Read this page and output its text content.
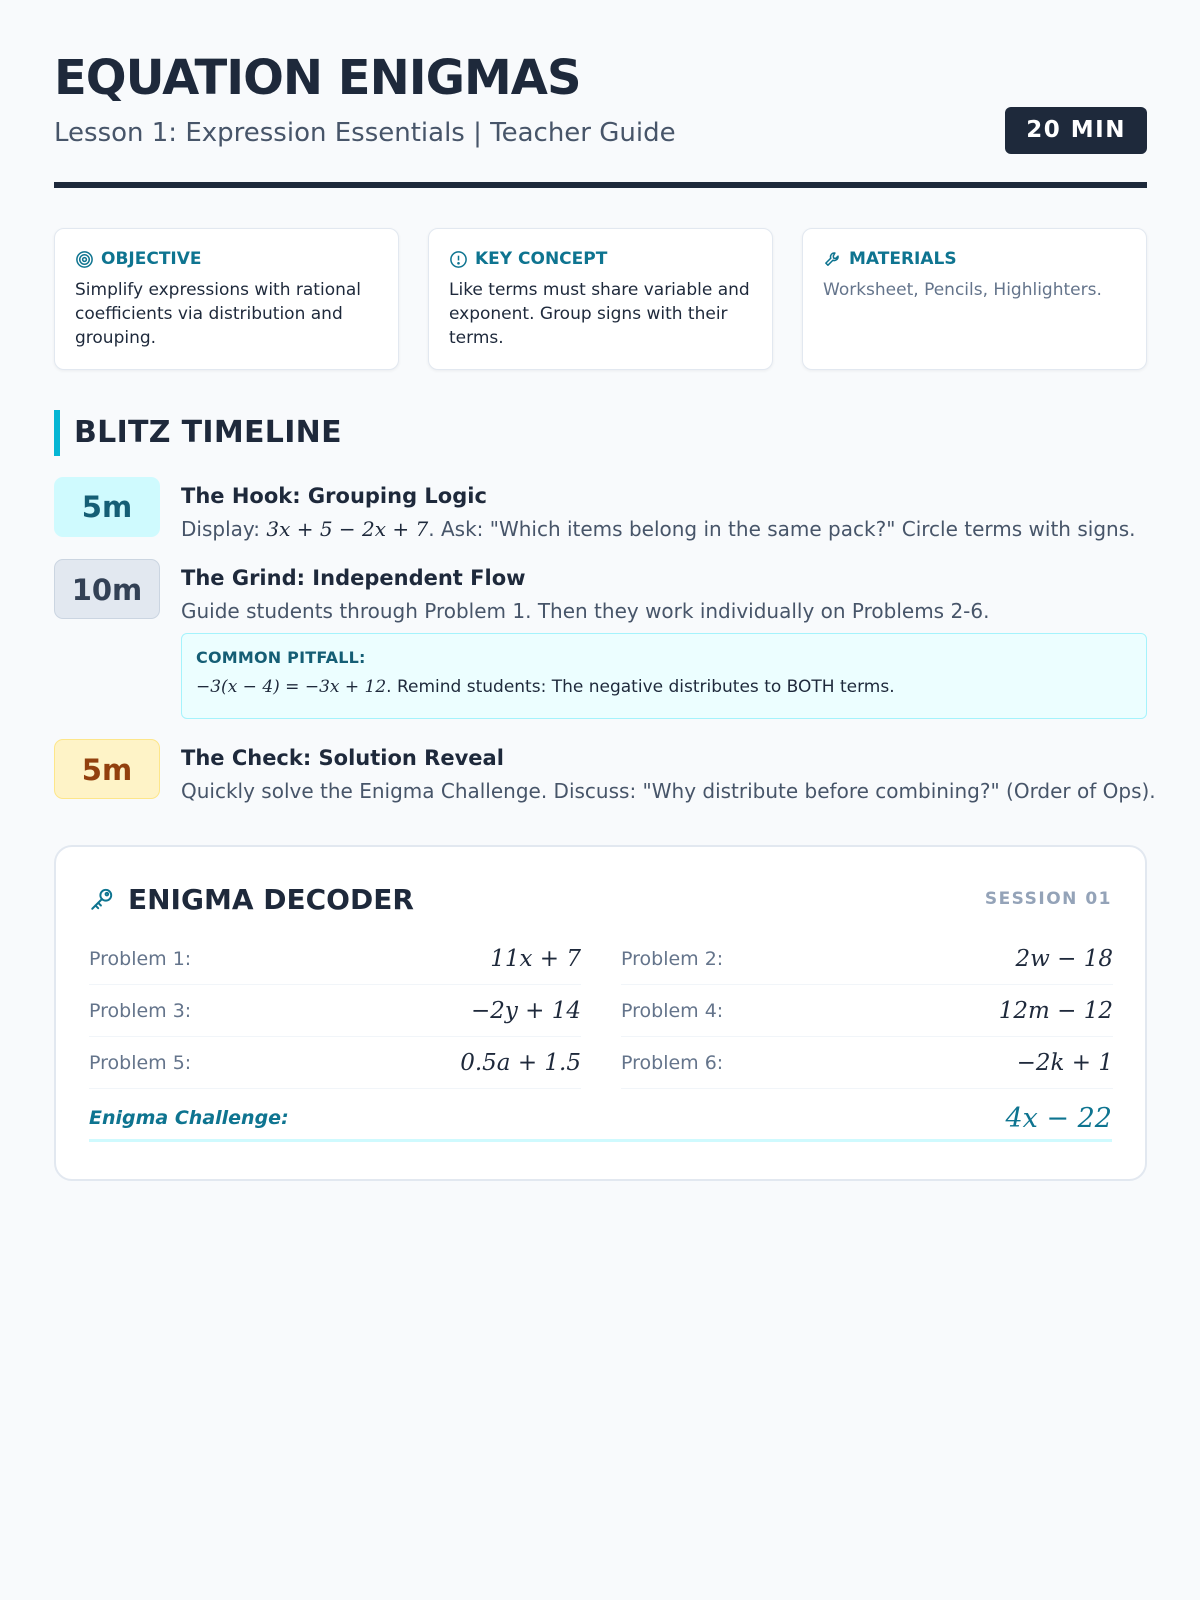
EQUATION ENIGMAS
Lesson 1: Expression Essentials | Teacher Guide	20 MIN
OBJECTIVE
Simplify expressions with rational coefficients via distribution and grouping.
KEY CONCEPT
Like terms must share variable and exponent. Group signs with their terms.
MATERIALS
Worksheet, Pencils, Highlighters.
BLITZ TIMELINE
5m	The Hook: Grouping Logic
Display: 3x + 5 − 2x + 7. Ask: "Which items belong in the same pack?" Circle terms with signs.
10m	The Grind: Independent Flow
Guide students through Problem 1. Then they work individually on Problems 2-6.
COMMON PITFALL:
−3(x − 4) = −3x + 12. Remind students: The negative distributes to BOTH terms.
5m	The Check: Solution Reveal
Quickly solve the Enigma Challenge. Discuss: "Why distribute before combining?" (Order of Ops).
ENIGMA DECODER	SESSION 01
Problem 1:	11x + 7 Problem 2:	2w − 18
Problem 3:	−2y + 14 Problem 4:	12m − 12
Problem 5:	0.5a + 1.5 Problem 6:	−2k + 1
Enigma Challenge:	4x − 22
